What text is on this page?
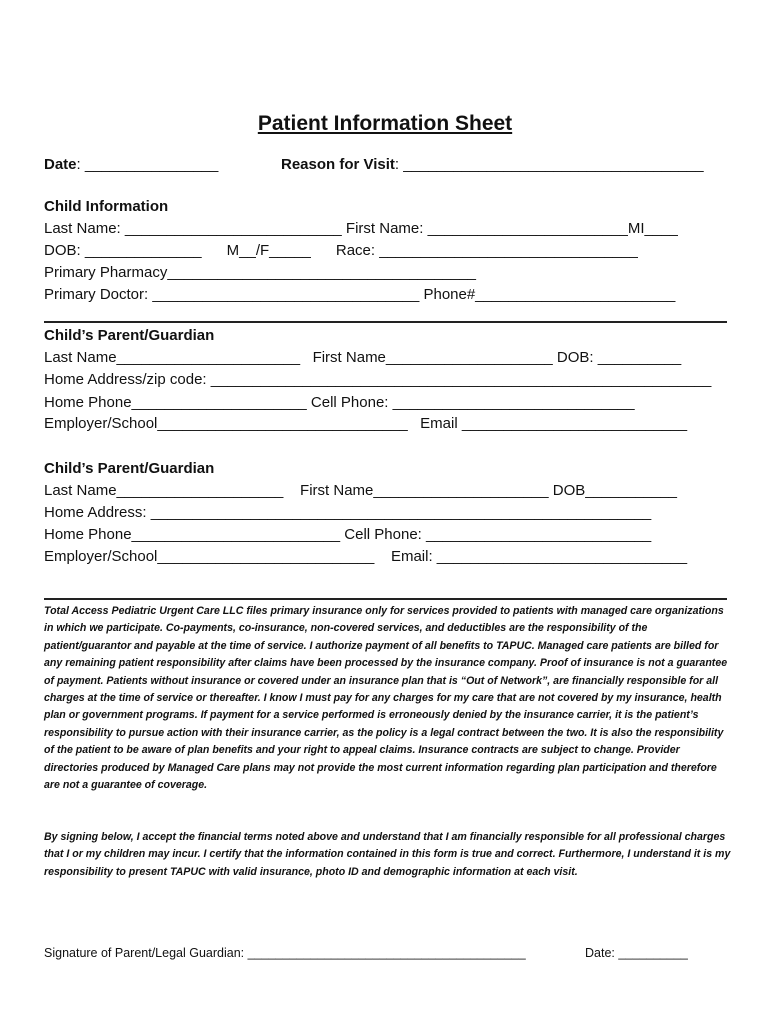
Patient Information Sheet
Date: ________________	Reason for Visit: ____________________________________
Child Information
Last Name: __________________________ First Name: ________________________MI____
DOB: ______________      M__/F_____      Race: _______________________________
Primary Pharmacy_____________________________________
Primary Doctor: ________________________________ Phone#________________________
Child’s Parent/Guardian
Last Name______________________   First Name____________________ DOB: __________
Home Address/zip code: ____________________________________________________________
Home Phone_____________________ Cell Phone: _____________________________
Employer/School______________________________   Email ___________________________
Child’s Parent/Guardian
Last Name____________________    First Name_____________________ DOB___________
Home Address: ____________________________________________________________
Home Phone_________________________ Cell Phone: ___________________________
Employer/School__________________________    Email: ______________________________
Total Access Pediatric Urgent Care LLC files primary insurance only for services provided to patients with managed care organizations in which we participate. Co-payments, co-insurance, non-covered services, and deductibles are the responsibility of the patient/guarantor and payable at the time of service. I authorize payment of all benefits to TAPUC. Managed care patients are billed for any remaining patient responsibility after claims have been processed by the insurance company. Proof of insurance is not a guarantee of payment. Patients without insurance or covered under an insurance plan that is “Out of Network”, are financially responsible for all charges at the time of service or thereafter. I know I must pay for any charges for my care that are not covered by my insurance, health plan or government programs. If payment for a service performed is erroneously denied by the insurance carrier, it is the patient’s responsibility to pursue action with their insurance carrier, as the policy is a legal contract between the two. It is also the responsibility of the patient to be aware of plan benefits and your right to appeal claims. Insurance contracts are subject to change. Provider directories produced by Managed Care plans may not provide the most current information regarding plan participation and therefore are not a guarantee of coverage.
By signing below, I accept the financial terms noted above and understand that I am financially responsible for all professional charges that I or my children may incur. I certify that the information contained in this form is true and correct. Furthermore, I understand it is my responsibility to present TAPUC with valid insurance, photo ID and demographic information at each visit.
Signature of Parent/Legal Guardian: ________________________________________	Date: __________
